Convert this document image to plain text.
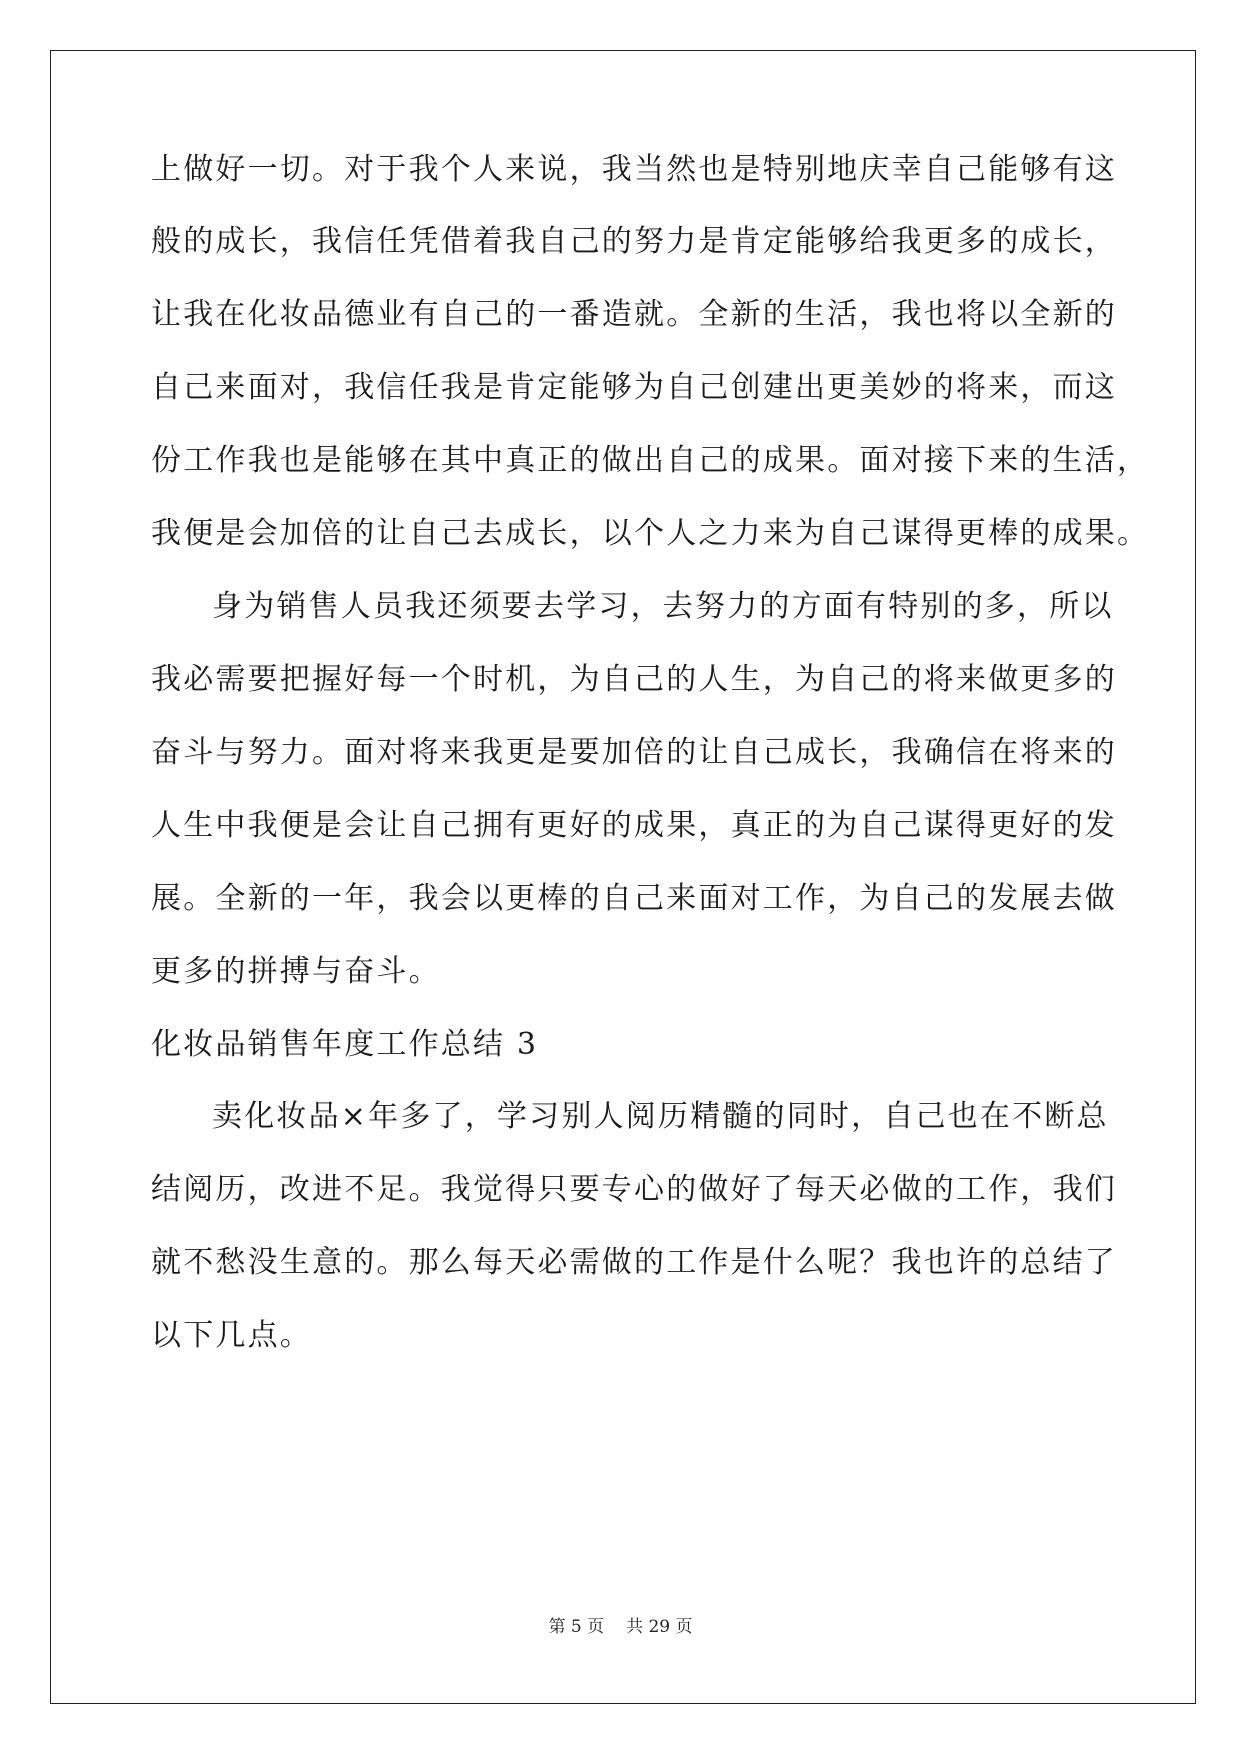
上做好一切。对于我个人来说，我当然也是特别地庆幸自己能够有这
般的成长，我信任凭借着我自己的努力是肯定能够给我更多的成长，
让我在化妆品德业有自己的一番造就。全新的生活，我也将以全新的
自己来面对，我信任我是肯定能够为自己创建出更美妙的将来，而这
份工作我也是能够在其中真正的做出自己的成果。面对接下来的生活，
我便是会加倍的让自己去成长，以个人之力来为自己谋得更棒的成果。
身为销售人员我还须要去学习，去努力的方面有特别的多，所以
我必需要把握好每一个时机，为自己的人生，为自己的将来做更多的
奋斗与努力。面对将来我更是要加倍的让自己成长，我确信在将来的
人生中我便是会让自己拥有更好的成果，真正的为自己谋得更好的发
展。全新的一年，我会以更棒的自己来面对工作，为自己的发展去做
更多的拼搏与奋斗。
化妆品销售年度工作总结 3
卖化妆品×年多了，学习别人阅历精髓的同时，自己也在不断总
结阅历，改进不足。我觉得只要专心的做好了每天必做的工作，我们
就不愁没生意的。那么每天必需做的工作是什么呢？我也许的总结了
以下几点。
第 5 页 共 29 页
